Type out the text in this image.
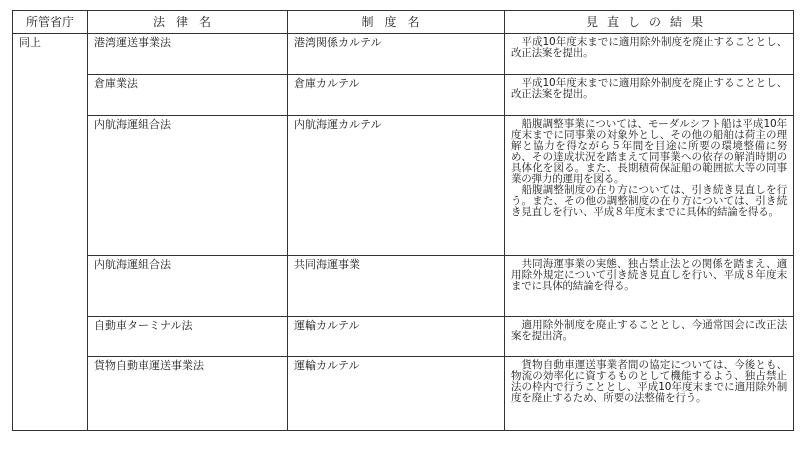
所管省庁	法律名	制度名	見直しの結果
同上	港湾運送事業法	港湾関係カルテル	平成10年度末までに適用除外制度を廃止することとし、改正法案を提出。

	倉庫業法	倉庫カルテル	平成10年度末までに適用除外制度を廃止することとし、改正法案を提出。

	内航海運組合法	内航海運カルテル	船腹調整事業については、モーダルシフト船は平成10年度末までに同事業の対象外とし、その他の船舶は荷主の理解と協力を得ながら５年間を目途に所要の環境整備に努め、その達成状況を踏まえて同事業への依存の解消時期の具体化を図る。また、長期積荷保証船の範囲拡大等の同事業の弾力的運用を図る。
船腹調整制度の在り方については、引き続き見直しを行う。また、その他の調整制度の在り方については、引き続き見直しを行い、平成８年度末までに具体的結論を得る。

	内航海運組合法	共同海運事業	共同海運事業の実態、独占禁止法との関係を踏まえ、適用除外規定について引き続き見直しを行い、平成８年度末までに具体的結論を得る。

	自動車ターミナル法	運輸カルテル	適用除外制度を廃止することとし、今通常国会に改正法案を提出済。

	貨物自動車運送事業法	運輸カルテル	貨物自動車運送事業者間の協定については、今後とも、物流の効率化に資するものとして機能するよう、独占禁止法の枠内で行うこととし、平成10年度末までに適用除外制度を廃止するため、所要の法整備を行う。
